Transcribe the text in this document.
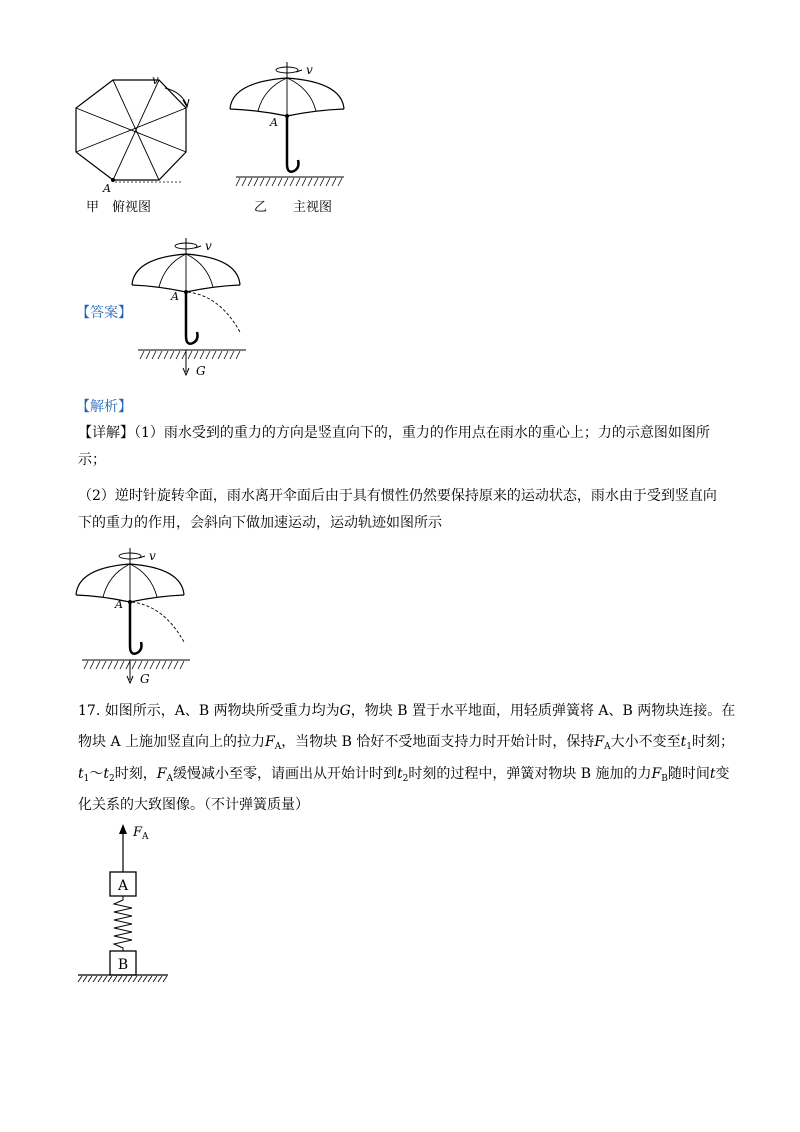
v
A
甲　俯视图
v
A
乙　　主视图
【答案】
v
A
G
【解析】
【详解】（1）雨水受到的重力的方向是竖直向下的，重力的作用点在雨水的重心上；力的示意图如图所示；
（2）逆时针旋转伞面，雨水离开伞面后由于具有惯性仍然要保持原来的运动状态，雨水由于受到竖直向下的重力的作用，会斜向下做加速运动，运动轨迹如图所示
v
A
G
17. 如图所示，A、B 两物块所受重力均为G，物块 B 置于水平地面，用轻质弹簧将 A、B 两物块连接。在
物块 A 上施加竖直向上的拉力$F_A$，当物块 B 恰好不受地面支持力时开始计时，保持$F_A$大小不变至$t_1$时刻；
$t_1\sim t_2$时刻，$F_A$缓慢减小至零，请画出从开始计时到$t_2$时刻的过程中，弹簧对物块 B 施加的力$F_B$随时间t变
化关系的大致图像。（不计弹簧质量）
$F_A$
A
B
